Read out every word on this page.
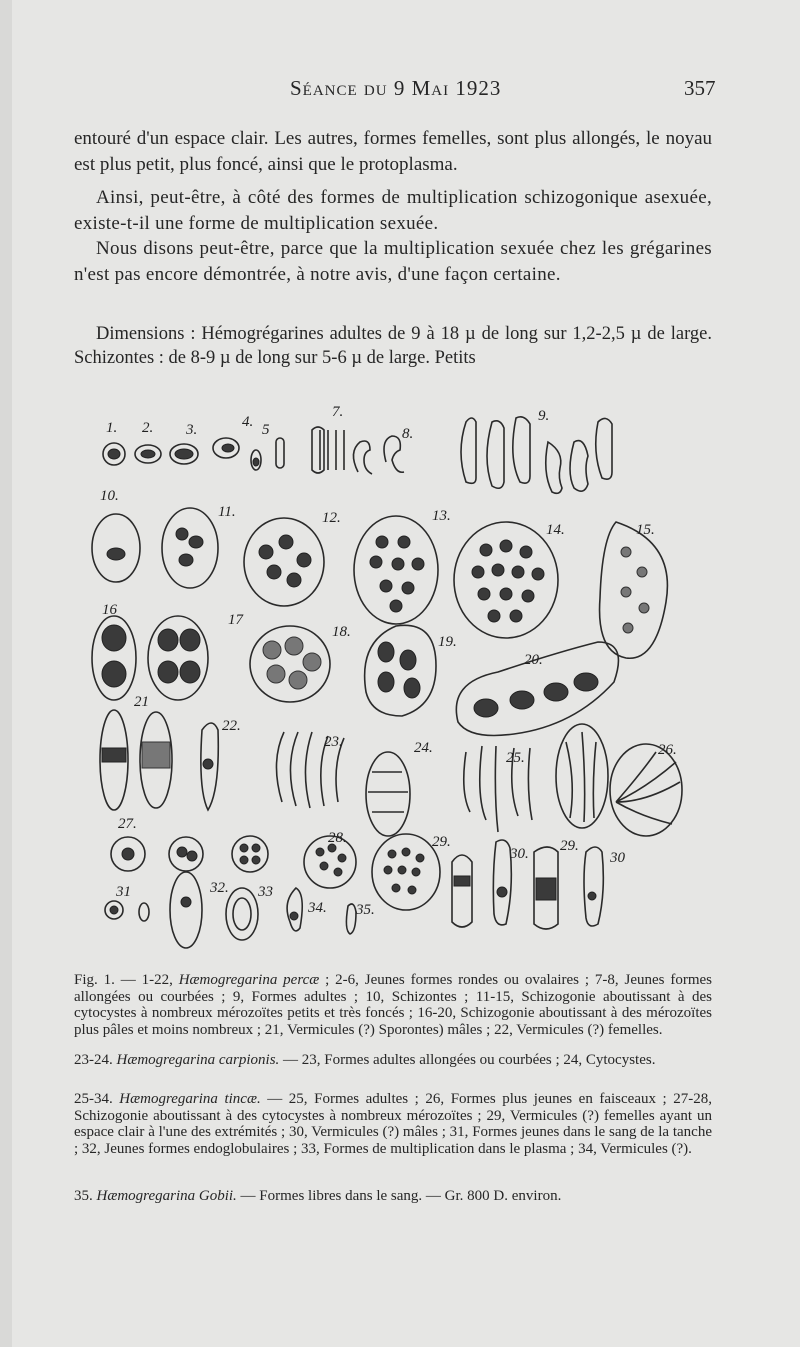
Séance du 9 Mai 1923	357
entouré d'un espace clair. Les autres, formes femelles, sont plus allongés, le noyau est plus petit, plus foncé, ainsi que le protoplasma.
Ainsi, peut-être, à côté des formes de multiplication schizogonique asexuée, existe-t-il une forme de multiplication sexuée.
Nous disons peut-être, parce que la multiplication sexuée chez les grégarines n'est pas encore démontrée, à notre avis, d'une façon certaine.
Dimensions : Hémogrégarines adultes de 9 à 18 µ de long sur 1,2-2,5 µ de large. Schizontes : de 8-9 µ de long sur 5-6 µ de large. Petits
1. 2. 3.	4. 5
7.
8.
9.
10.
11.	12.	13.
14.	15.
16
17
18.
19.
20.
21
22.
23.	24.
25.	26.
27.
28.	29.
30. 29.
30
31	32. 33
34. 35.
Fig. 1. — 1-22, Hæmogregarina percæ ; 2-6, Jeunes formes rondes ou ovalaires ; 7-8, Jeunes formes allongées ou courbées ; 9, Formes adultes ; 10, Schizontes ; 11-15, Schizogonie aboutissant à des cytocystes à nombreux mérozoïtes petits et très foncés ; 16-20, Schizogonie aboutissant à des mérozoïtes plus pâles et moins nombreux ; 21, Vermicules (?) Sporontes) mâles ; 22, Vermicules (?) femelles.
23-24. Hæmogregarina carpionis. — 23, Formes adultes allongées ou courbées ; 24, Cytocystes.
25-34. Hæmogregarina tincæ. — 25, Formes adultes ; 26, Formes plus jeunes en faisceaux ; 27-28, Schizogonie aboutissant à des cytocystes à nombreux mérozoïtes ; 29, Vermicules (?) femelles ayant un espace clair à l'une des extrémités ; 30, Vermicules (?) mâles ; 31, Formes jeunes dans le sang de la tanche ; 32, Jeunes formes endoglobulaires ; 33, Formes de multiplication dans le plasma ; 34, Vermicules (?).
35. Hæmogregarina Gobii. — Formes libres dans le sang. — Gr. 800 D. environ.
